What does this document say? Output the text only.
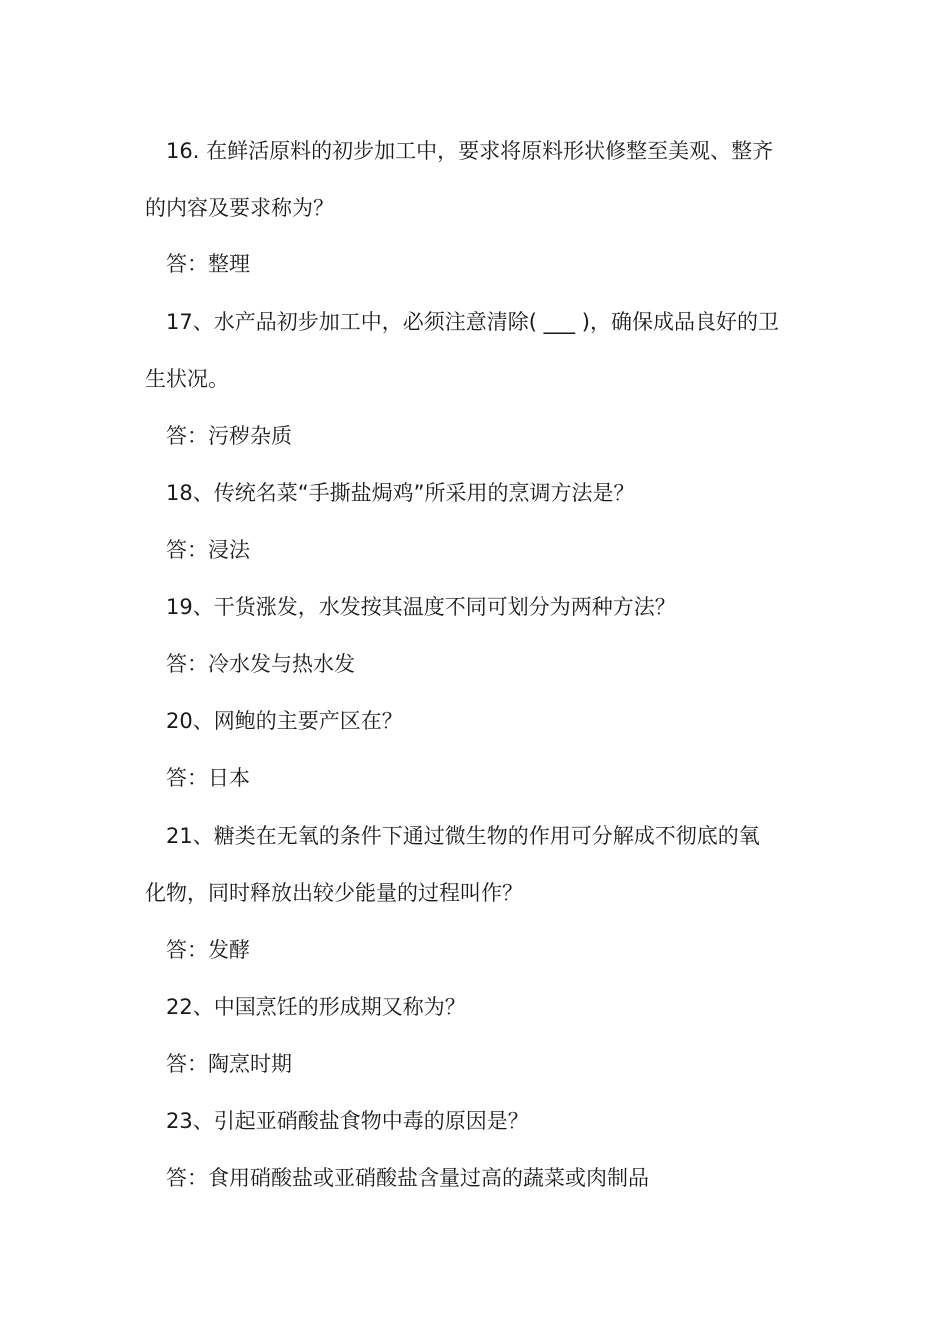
16. 在鲜活原料的初步加工中，要求将原料形状修整至美观、整齐
的内容及要求称为？
答：整理
17、水产品初步加工中，必须注意清除( ___ )，确保成品良好的卫
生状况。
答：污秽杂质
18、传统名菜“手撕盐焗鸡”所采用的烹调方法是？
答：浸法
19、干货涨发，水发按其温度不同可划分为两种方法？
答：冷水发与热水发
20、网鲍的主要产区在？
答：日本
21、糖类在无氧的条件下通过微生物的作用可分解成不彻底的氧
化物，同时释放出较少能量的过程叫作？
答：发酵
22、中国烹饪的形成期又称为？
答：陶烹时期
23、引起亚硝酸盐食物中毒的原因是？
答：食用硝酸盐或亚硝酸盐含量过高的蔬菜或肉制品
